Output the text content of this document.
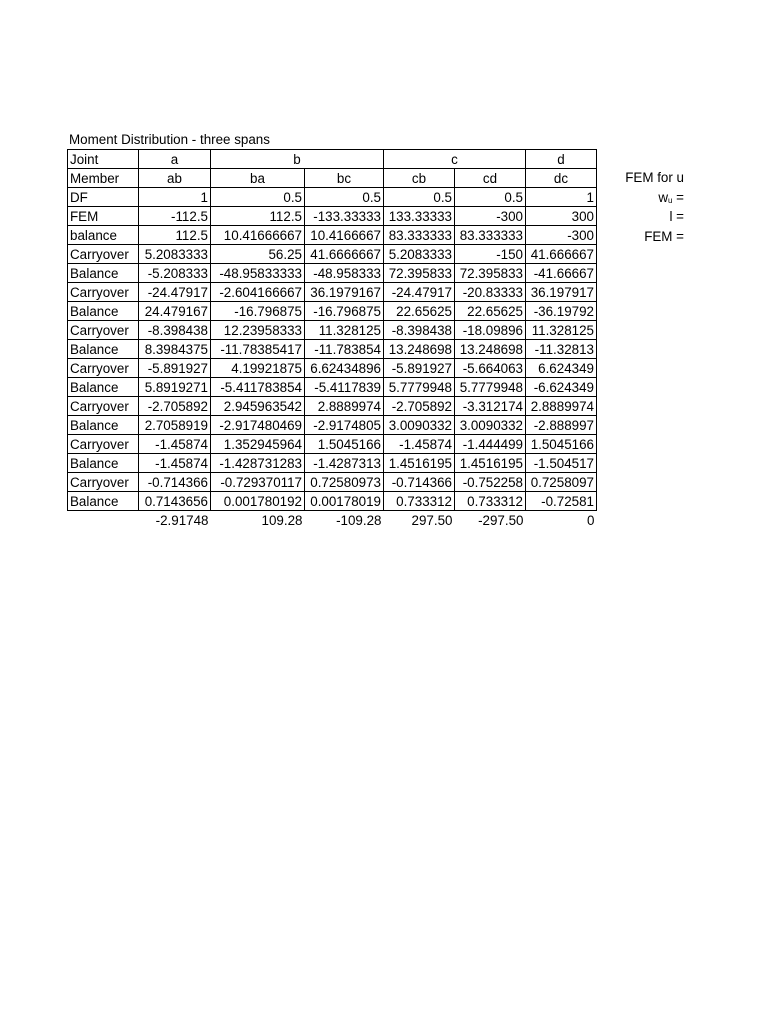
Moment Distribution - three spans
Joint	a	b		c		d
Member	ab	ba	bc	cb	cd	dc
DF	1	0.5	0.5	0.5	0.5	1
FEM	-112.5	112.5	-133.33333	133.33333	-300	300
balance	112.5	10.41666667	10.4166667	83.333333	83.333333	-300
Carryover	5.2083333	56.25	41.6666667	5.2083333	-150	41.666667
Balance	-5.208333	-48.95833333	-48.958333	72.395833	72.395833	-41.66667
Carryover	-24.47917	-2.604166667	36.1979167	-24.47917	-20.83333	36.197917
Balance	24.479167	-16.796875	-16.796875	22.65625	22.65625	-36.19792
Carryover	-8.398438	12.23958333	11.328125	-8.398438	-18.09896	11.328125
Balance	8.3984375	-11.78385417	-11.783854	13.248698	13.248698	-11.32813
Carryover	-5.891927	4.19921875	6.62434896	-5.891927	-5.664063	6.624349
Balance	5.8919271	-5.411783854	-5.4117839	5.7779948	5.7779948	-6.624349
Carryover	-2.705892	2.945963542	2.8889974	-2.705892	-3.312174	2.8889974
Balance	2.7058919	-2.917480469	-2.9174805	3.0090332	3.0090332	-2.888997
Carryover	-1.45874	1.352945964	1.5045166	-1.45874	-1.444499	1.5045166
Balance	-1.45874	-1.428731283	-1.4287313	1.4516195	1.4516195	-1.504517
Carryover	-0.714366	-0.729370117	0.72580973	-0.714366	-0.752258	0.7258097
Balance	0.7143656	0.001780192	0.00178019	0.733312	0.733312	-0.72581
	-2.91748	109.28	-109.28	297.50	-297.50	0
FEM for u
$w_u$ =
l =
FEM =
